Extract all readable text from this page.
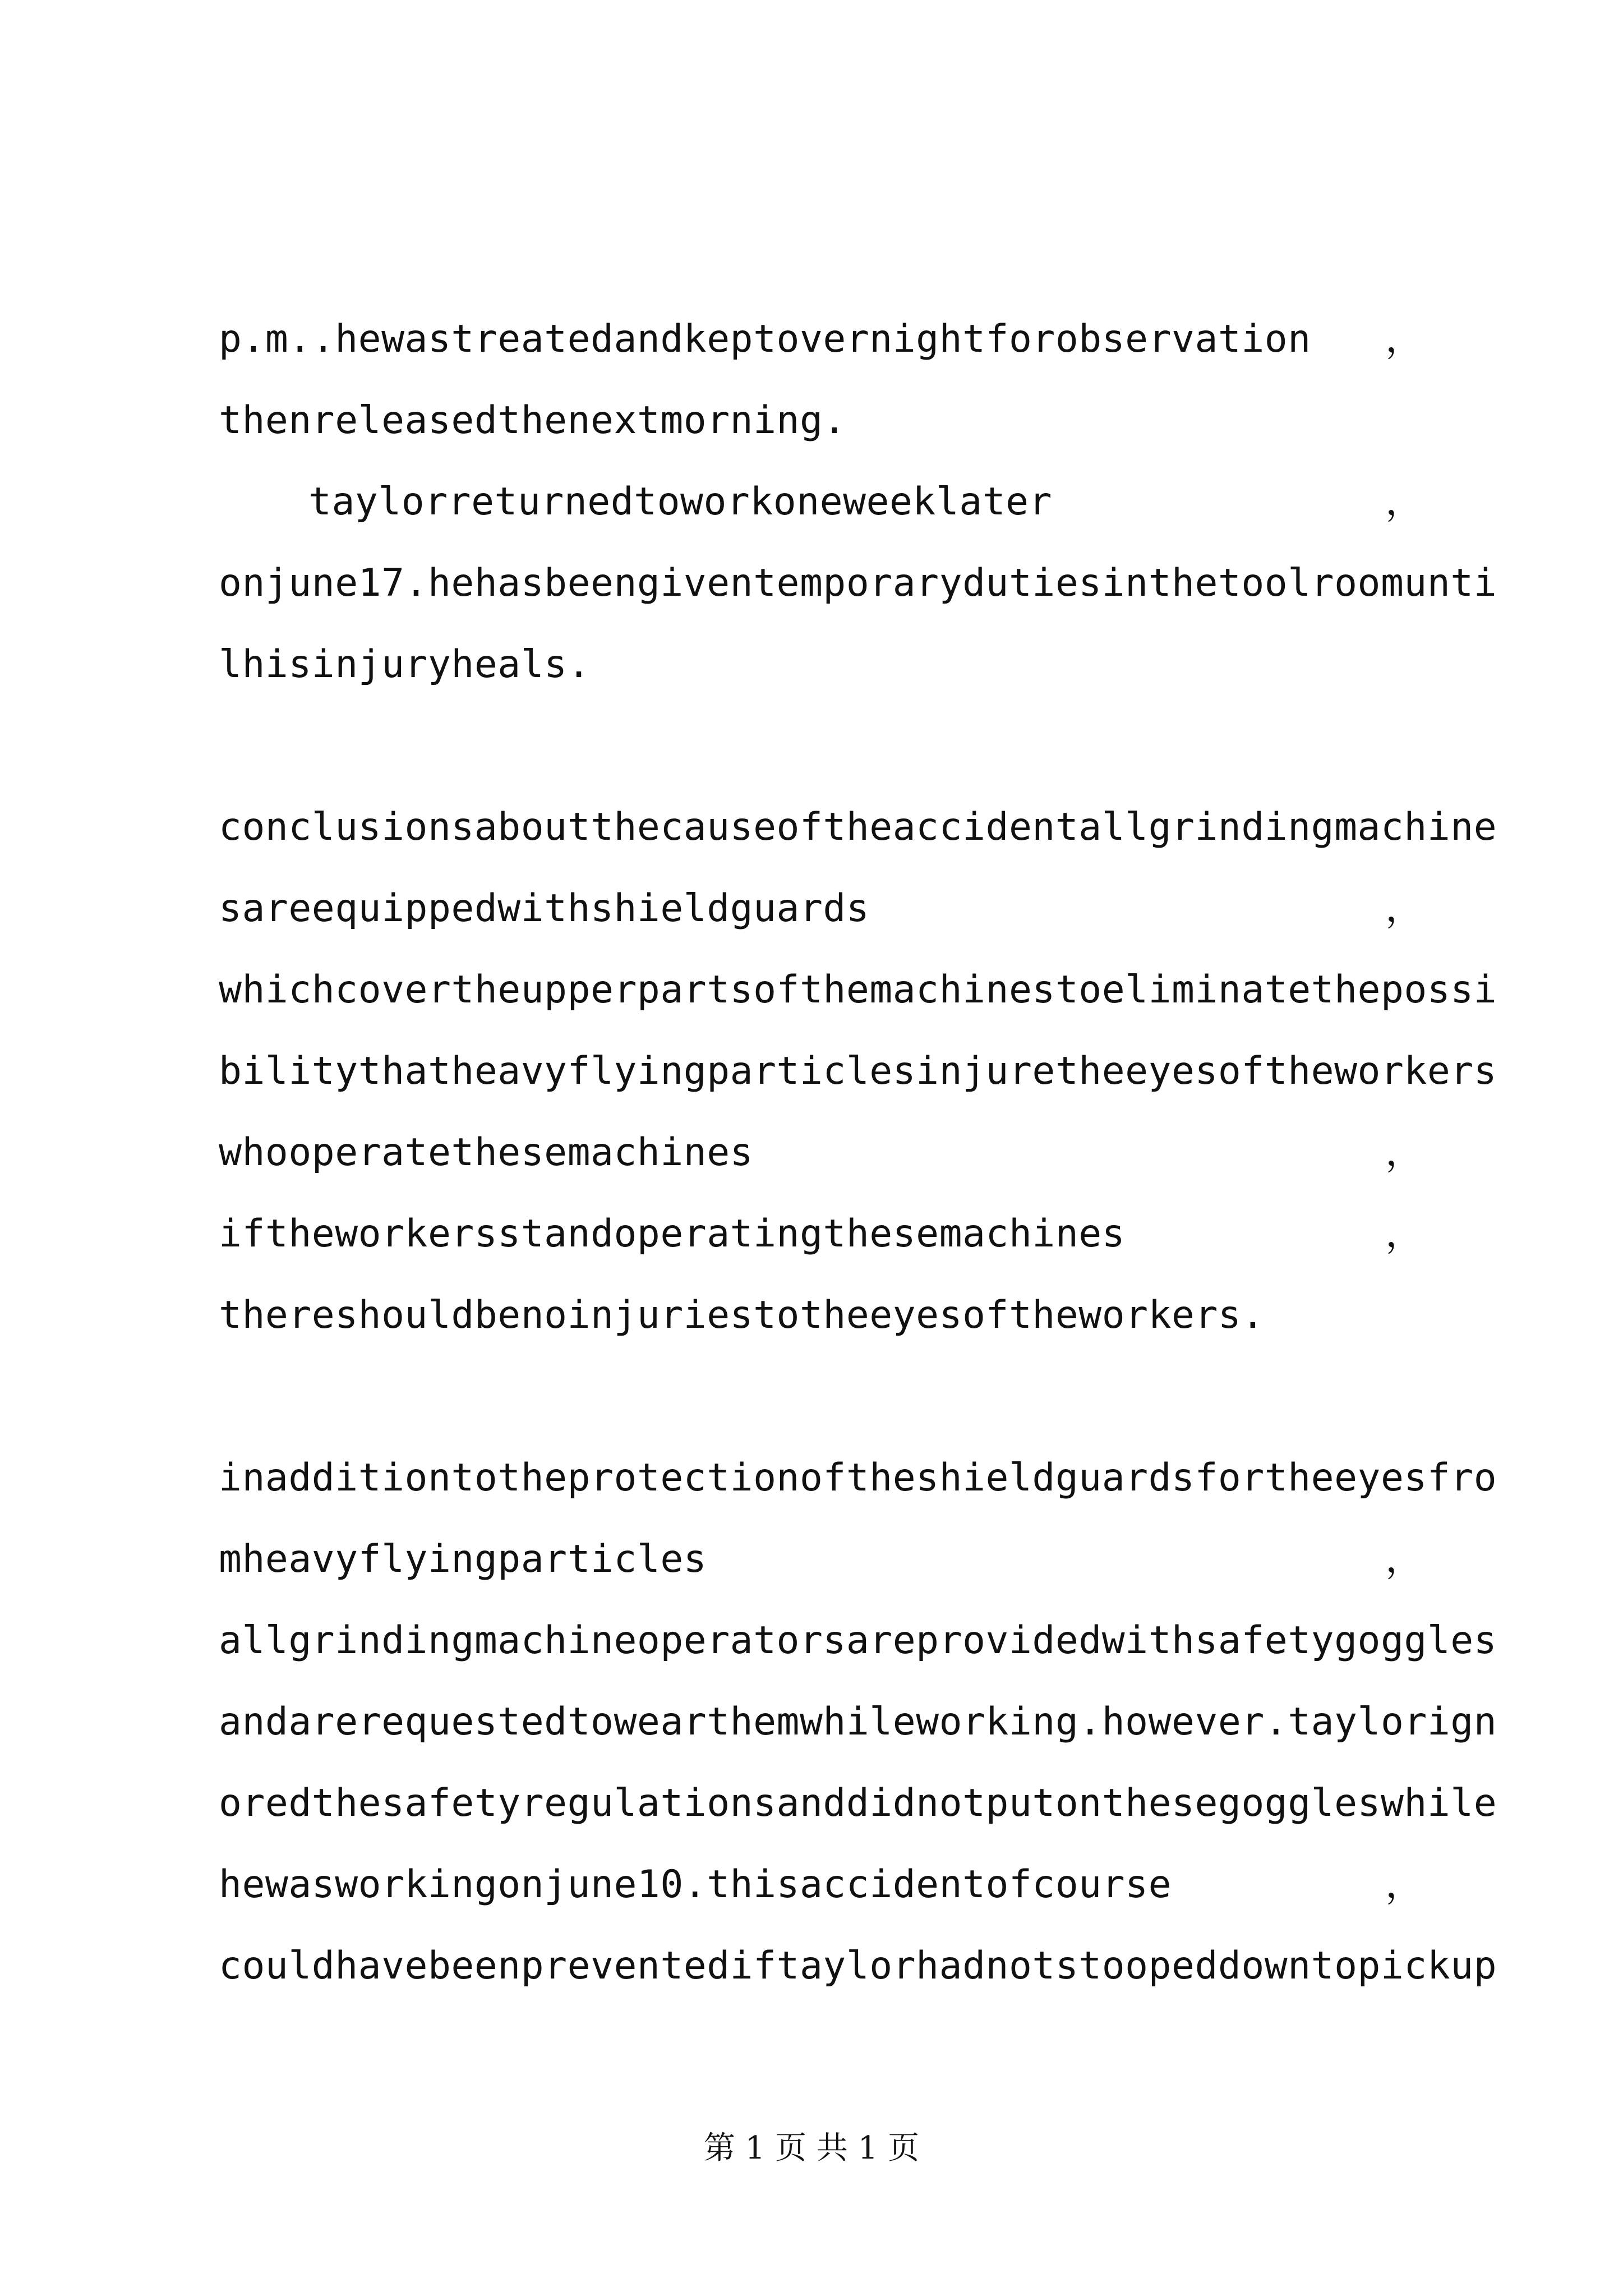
p.m..hewastreatedandkeptovernightforobservation ，
thenreleasedthenextmorning.
taylorreturnedtoworkoneweeklater	，
onjune17.hehasbeengiventemporarydutiesinthetoolroomunti
lhisinjuryheals.
conclusionsaboutthecauseoftheaccidentallgrindingmachine
sareequippedwithshieldguards	，
whichcovertheupperpartsofthemachinestoeliminatethepossi
bilitythatheavyflyingparticlesinjuretheeyesoftheworkers
whooperatethesemachines	，
iftheworkersstandoperatingthesemachines	，
thereshouldbenoinjuriestotheeyesoftheworkers.
inadditiontotheprotectionoftheshieldguardsfortheeyesfro
mheavyflyingparticles	，
allgrindingmachineoperatorsareprovidedwithsafetygoggles
andarerequestedtowearthemwhileworking.however.taylorign
oredthesafetyregulationsanddidnotputonthesegoggleswhile
hewasworkingonjune10.thisaccidentofcourse	，
couldhavebeenpreventediftaylorhadnotstoopeddowntopickup
第 1 页 共 1 页
